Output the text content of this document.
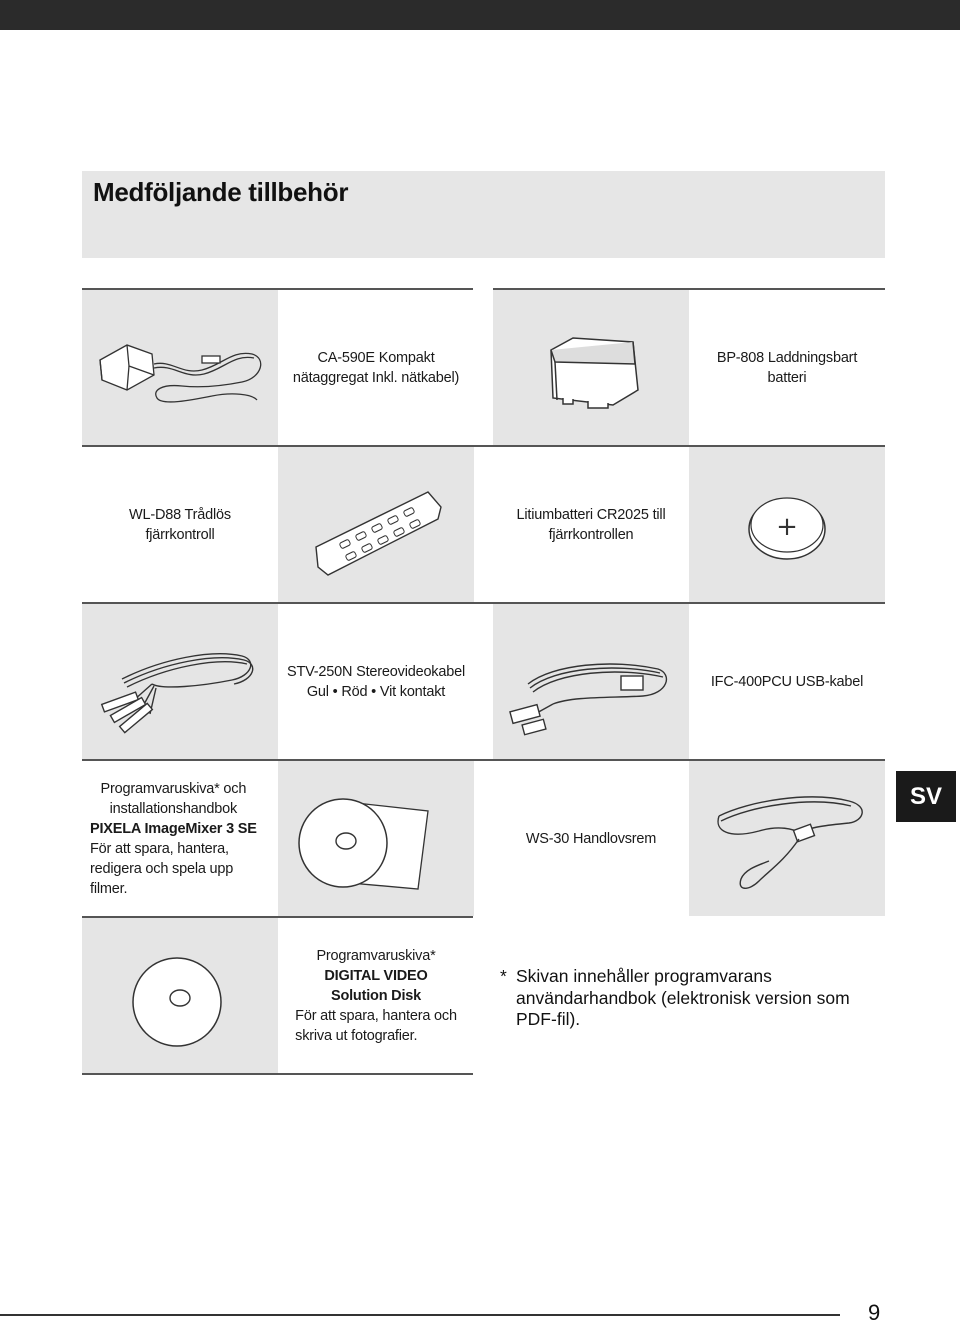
Medföljande tillbehör
CA-590E Kompakt
nätaggregat Inkl. nätkabel)
BP-808 Laddningsbart
batteri
WL-D88 Trådlös
fjärrkontroll
Litiumbatteri CR2025 till
fjärrkontrollen	+
STV-250N Stereovideokabel
Gul • Röd • Vit kontakt
IFC-400PCU USB-kabel
Programvaruskiva* och
installationshandbok
PIXELA ImageMixer 3 SE
För att spara, hantera,
redigera och spela upp
filmer.
WS-30 Handlovsrem
Programvaruskiva*
DIGITAL VIDEO
Solution Disk
För att spara, hantera och
skriva ut fotografier.
* Skivan innehåller programvarans användarhandbok (elektronisk version som PDF-fil).
SV
9
